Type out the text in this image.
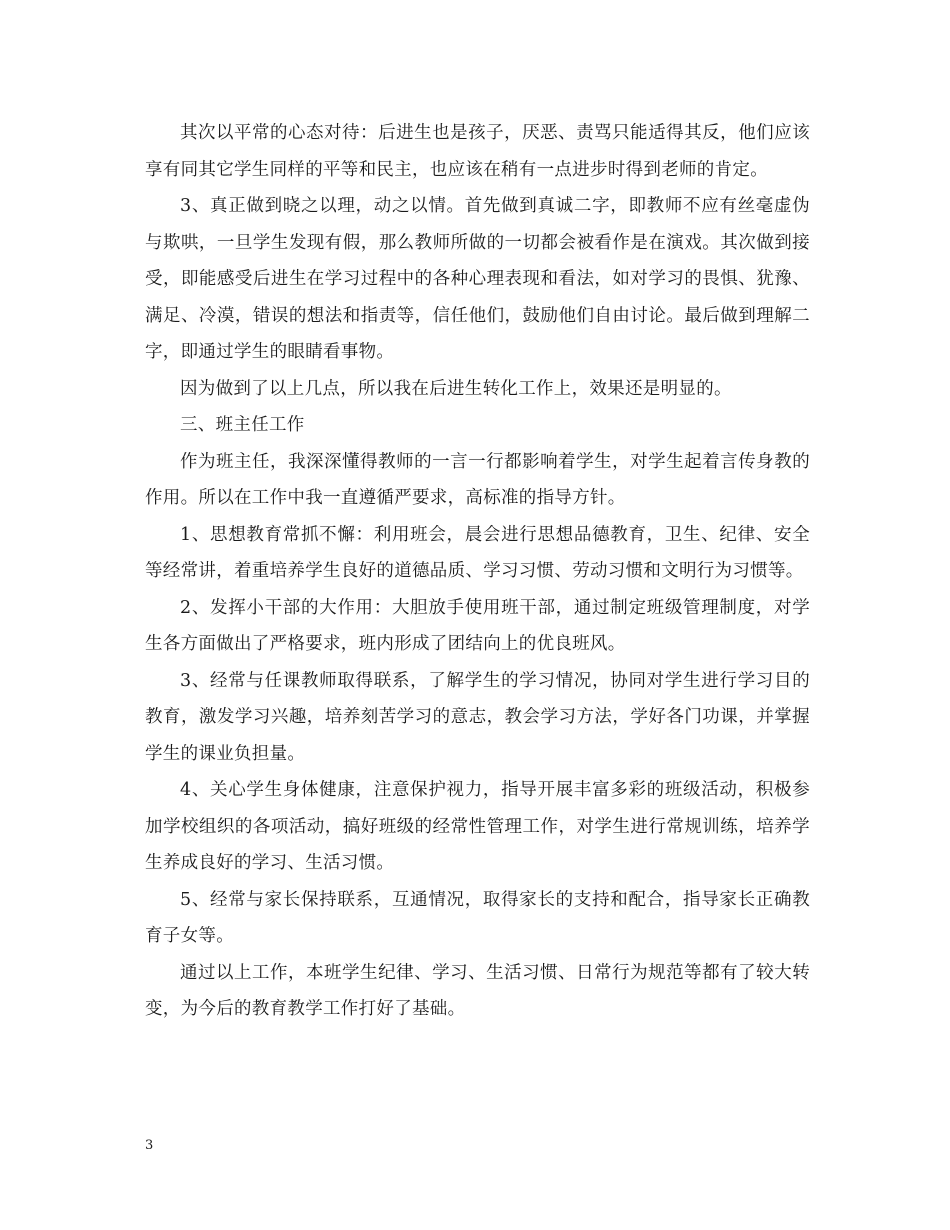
其次以平常的心态对待：后进生也是孩子，厌恶、责骂只能适得其反，他们应该享有同其它学生同样的平等和民主，也应该在稍有一点进步时得到老师的肯定。

3、真正做到晓之以理，动之以情。首先做到真诚二字，即教师不应有丝毫虚伪与欺哄，一旦学生发现有假，那么教师所做的一切都会被看作是在演戏。其次做到接受，即能感受后进生在学习过程中的各种心理表现和看法，如对学习的畏惧、犹豫、满足、冷漠，错误的想法和指责等，信任他们，鼓励他们自由讨论。最后做到理解二字，即通过学生的眼睛看事物。

因为做到了以上几点，所以我在后进生转化工作上，效果还是明显的。

三、班主任工作

作为班主任，我深深懂得教师的一言一行都影响着学生，对学生起着言传身教的作用。所以在工作中我一直遵循严要求，高标准的指导方针。

1、思想教育常抓不懈：利用班会，晨会进行思想品德教育，卫生、纪律、安全等经常讲，着重培养学生良好的道德品质、学习习惯、劳动习惯和文明行为习惯等。

2、发挥小干部的大作用：大胆放手使用班干部，通过制定班级管理制度，对学生各方面做出了严格要求，班内形成了团结向上的优良班风。

3、经常与任课教师取得联系，了解学生的学习情况，协同对学生进行学习目的教育，激发学习兴趣，培养刻苦学习的意志，教会学习方法，学好各门功课，并掌握学生的课业负担量。

4、关心学生身体健康，注意保护视力，指导开展丰富多彩的班级活动，积极参加学校组织的各项活动，搞好班级的经常性管理工作，对学生进行常规训练，培养学生养成良好的学习、生活习惯。

5、经常与家长保持联系，互通情况，取得家长的支持和配合，指导家长正确教育子女等。

通过以上工作，本班学生纪律、学习、生活习惯、日常行为规范等都有了较大转变，为今后的教育教学工作打好了基础。

3
